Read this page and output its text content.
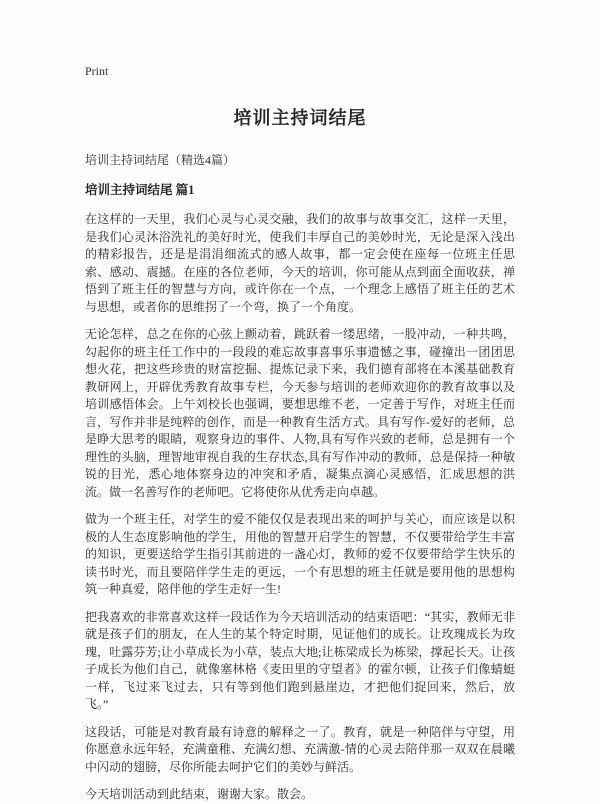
Print
培训主持词结尾
培训主持词结尾（精选4篇）
培训主持词结尾 篇1

在这样的一天里，我们心灵与心灵交融，我们的故事与故事交汇，这样一天里，是我们心灵沐浴洗礼的美好时光，使我们丰厚自己的美妙时光，无论是深入浅出的精彩报告，还是是涓涓细流式的感人故事，都一定会使在座每一位班主任思索、感动、震撼。在座的各位老师，今天的培训，你可能从点到面全面收获，禅悟到了班主任的智慧与方向，或许你在一个点，一个理念上感悟了班主任的艺术与思想，或者你的思维拐了一个弯，换了一个角度。

无论怎样，总之在你的心弦上颤动着，跳跃着一缕思绪，一股冲动，一种共鸣，勾起你的班主任工作中的一段段的难忘故事喜事乐事遗憾之事，碰撞出一团团思想火花，把这些珍贵的财富挖掘、提炼记录下来，我们德育部将在本溪基础教育教研网上，开辟优秀教育故事专栏，今天参与培训的老师欢迎你的教育故事以及培训感悟体会。上午刘校长也强调，要想思维不老，一定善于写作，对班主任而言，写作并非是纯粹的创作，而是一种教育生活方式。具有写作-爱好的老师，总是睁大思考的眼睛，观察身边的事件、人物,具有写作兴致的老师，总是拥有一个理性的头脑，理智地审视自我的生存状态,具有写作冲动的教师，总是保持一种敏锐的目光，悉心地体察身边的冲突和矛盾，凝集点滴心灵感悟，汇成思想的洪流。做一名善写作的老师吧。它将使你从优秀走向卓越。

做为一个班主任，对学生的爱不能仅仅是表现出来的呵护与关心，而应该是以积极的人生态度影响他的学生，用他的智慧开启学生的智慧，不仅要带给学生丰富的知识，更要送给学生指引其前进的一盏心灯，教师的爱不仅要带给学生快乐的读书时光，而且要陪伴学生走的更远，一个有思想的班主任就是要用他的思想构筑一种真爱，陪伴他的学生走好一生!

把我喜欢的非常喜欢这样一段话作为今天培训活动的结束语吧：“其实，教师无非就是孩子们的朋友，在人生的某个特定时期，见证他们的成长。让玫瑰成长为玫瑰，吐露芬芳;让小草成长为小草，装点大地;让栋梁成长为栋梁，撑起长天。让孩子成长为他们自己，就像塞林格《麦田里的守望者》的霍尔顿，让孩子们像蜻蜓一样，飞过来飞过去，只有等到他们跑到悬崖边，才把他们捉回来，然后，放飞。”

这段话，可能是对教育最有诗意的解释之一了。教育，就是一种陪伴与守望，用你愿意永远年轻，充满童稚、充满幻想、充满激-情的心灵去陪伴那一双双在晨曦中闪动的翅膀，尽你所能去呵护它们的美妙与鲜活。

今天培训活动到此结束，谢谢大家。散会。
